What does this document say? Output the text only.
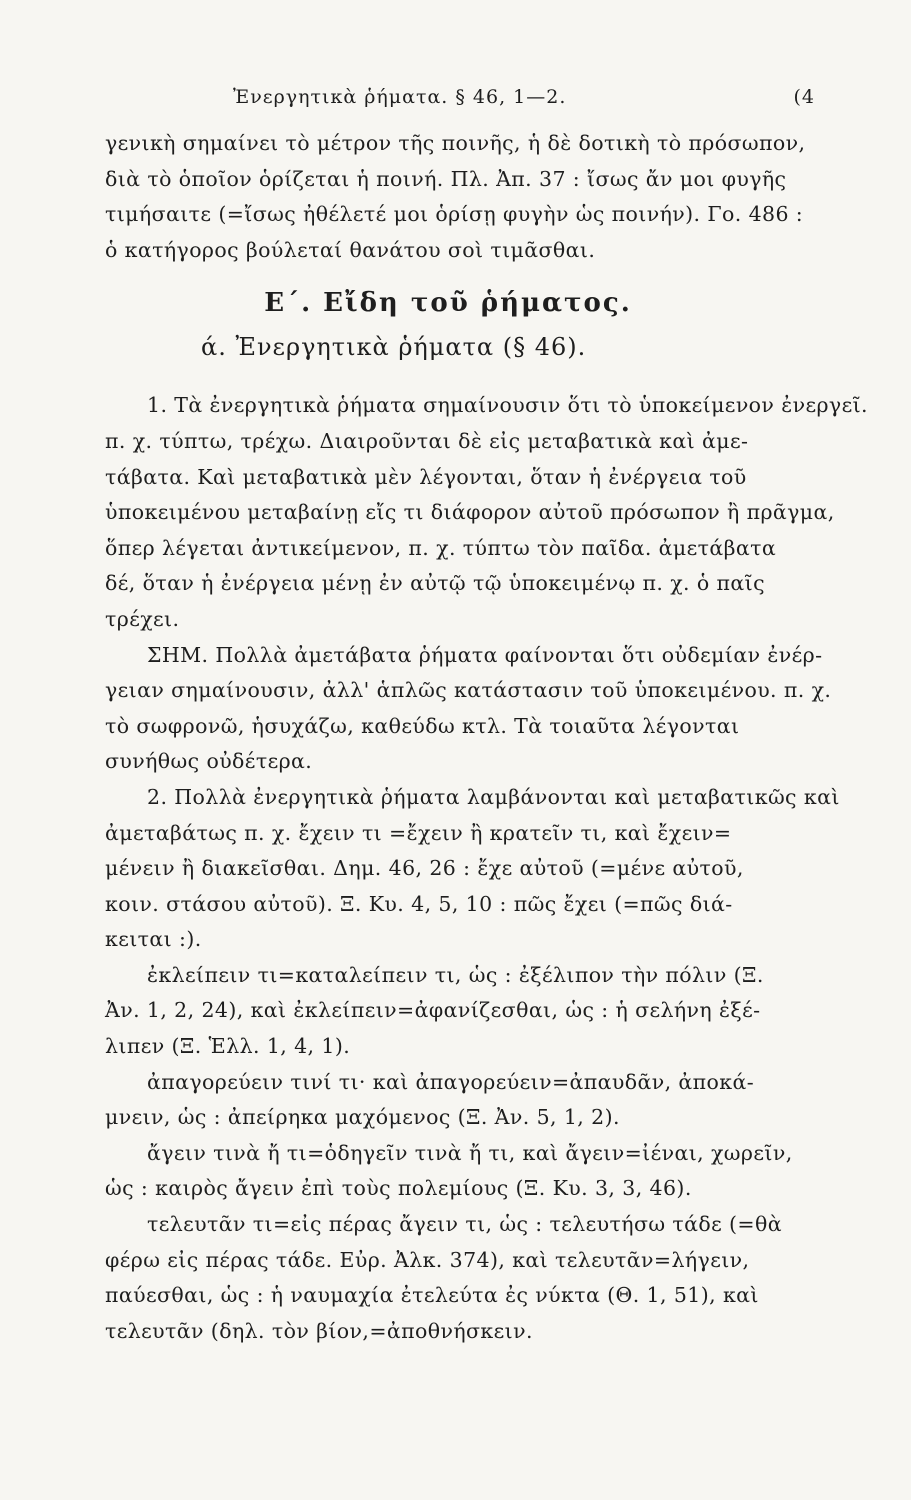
Ἐνεργητικὰ ῥήματα. § 46, 1—2.	(4
γενικὴ σημαίνει τὸ μέτρον τῆς ποινῆς, ἡ δὲ δοτικὴ τὸ πρόσωπον,
διὰ τὸ ὁποῖον ὁρίζεται ἡ ποινή. Πλ. Ἀπ. 37 : ἴσως ἄν μοι φυγῆς
τιμήσαιτε (=ἴσως ἠθέλετέ μοι ὁρίσῃ φυγὴν ὡς ποινήν). Γο. 486 :
ὁ κατήγορος βούλεταί θανάτου σοὶ τιμᾶσθαι.
Ε΄. Εἴδη τοῦ ῥήματος.
ά. Ἐνεργητικὰ ῥήματα (§ 46).
1. Τὰ ἐνεργητικὰ ῥήματα σημαίνουσιν ὅτι τὸ ὑποκείμενον ἐνεργεῖ.
π. χ. τύπτω, τρέχω. Διαιροῦνται δὲ εἰς μεταβατικὰ καὶ ἀμε-
τάβατα. Καὶ μεταβατικὰ μὲν λέγονται, ὅταν ἡ ἐνέργεια τοῦ
ὑποκειμένου μεταβαίνῃ εἴς τι διάφορον αὐτοῦ πρόσωπον ἢ πρᾶγμα,
ὅπερ λέγεται ἀντικείμενον, π. χ. τύπτω τὸν παῖδα. ἀμετάβατα
δέ, ὅταν ἡ ἐνέργεια μένῃ ἐν αὐτῷ τῷ ὑποκειμένῳ π. χ. ὁ παῖς
τρέχει.
ΣΗΜ. Πολλὰ ἀμετάβατα ῥήματα φαίνονται ὅτι οὐδεμίαν ἐνέρ-
γειαν σημαίνουσιν, ἀλλ' ἁπλῶς κατάστασιν τοῦ ὑποκειμένου. π. χ.
τὸ σωφρονῶ, ἡσυχάζω, καθεύδω κτλ. Τὰ τοιαῦτα λέγονται
συνήθως οὐδέτερα.
2. Πολλὰ ἐνεργητικὰ ῥήματα λαμβάνονται καὶ μεταβατικῶς καὶ
ἀμεταβάτως π. χ. ἔχειν τι =ἔχειν ἢ κρατεῖν τι, καὶ ἔχειν=
μένειν ἢ διακεῖσθαι. Δημ. 46, 26 : ἔχε αὐτοῦ (=μένε αὐτοῦ,
κοιν. στάσου αὐτοῦ). Ξ. Κυ. 4, 5, 10 : πῶς ἔχει (=πῶς διά-
κειται :).
ἐκλείπειν τι=καταλείπειν τι, ὡς : ἐξέλιπον τὴν πόλιν (Ξ.
Ἀν. 1, 2, 24), καὶ ἐκλείπειν=ἀφανίζεσθαι, ὡς : ἡ σελήνη ἐξέ-
λιπεν (Ξ. Ἑλλ. 1, 4, 1).
ἀπαγορεύειν τινί τι· καὶ ἀπαγορεύειν=ἀπαυδᾶν, ἀποκά-
μνειν, ὡς : ἀπείρηκα μαχόμενος (Ξ. Ἀν. 5, 1, 2).
ἄγειν τινὰ ἤ τι=ὁδηγεῖν τινὰ ἤ τι, καὶ ἄγειν=ἰέναι, χωρεῖν,
ὡς : καιρὸς ἄγειν ἐπὶ τοὺς πολεμίους (Ξ. Κυ. 3, 3, 46).
τελευτᾶν τι=εἰς πέρας ἄγειν τι, ὡς : τελευτήσω τάδε (=θὰ
φέρω εἰς πέρας τάδε. Εὐρ. Ἀλκ. 374), καὶ τελευτᾶν=λήγειν,
παύεσθαι, ὡς : ἡ ναυμαχία ἐτελεύτα ἐς νύκτα (Θ. 1, 51), καὶ
τελευτᾶν (δηλ. τὸν βίον,=ἀποθνήσκειν.
